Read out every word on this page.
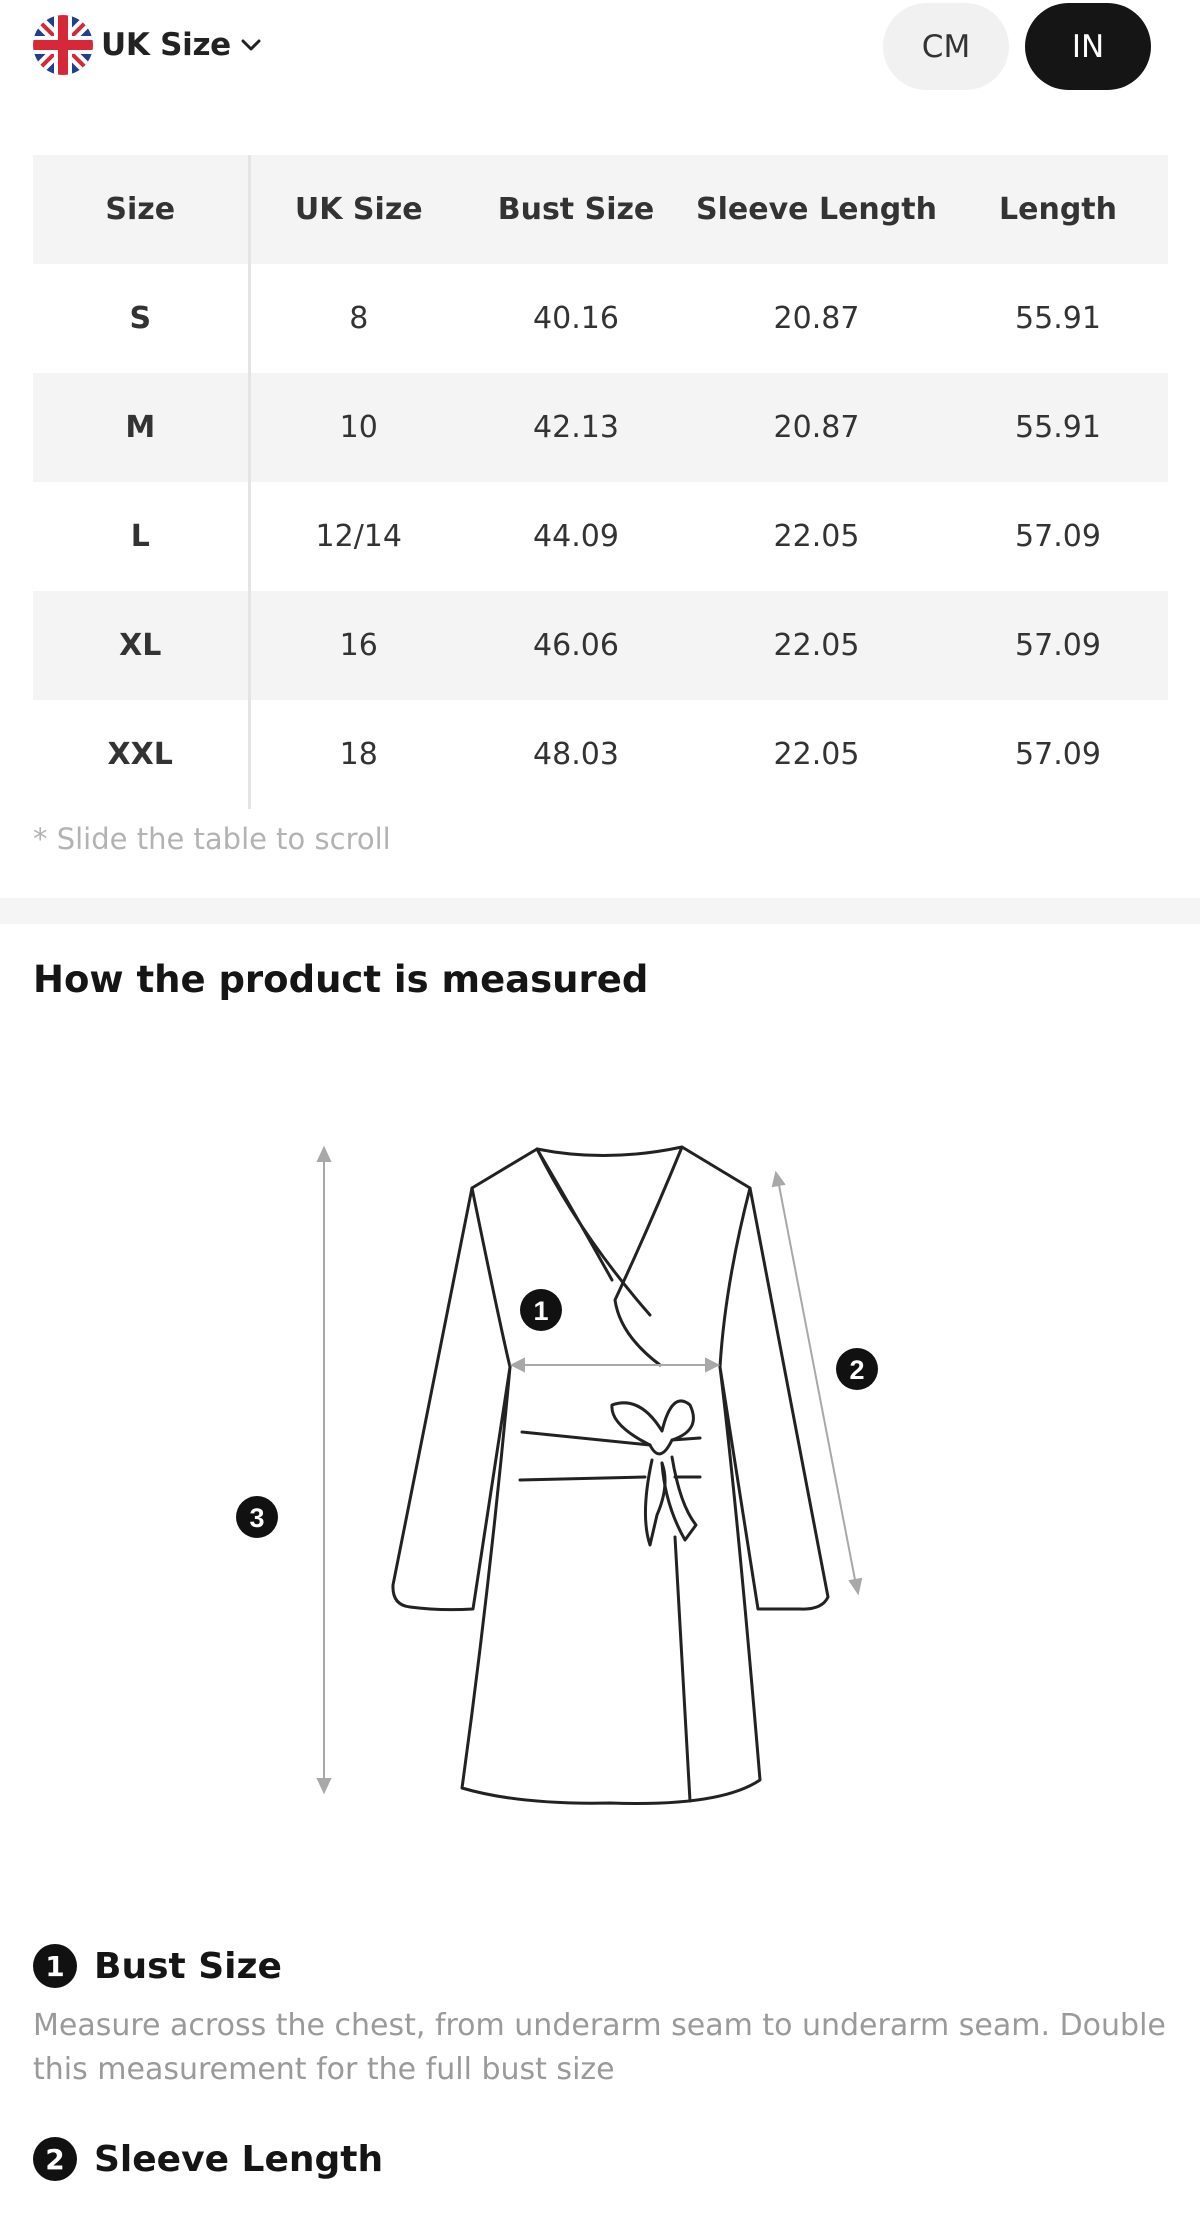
UK Size	CM	IN
Size	UK Size	Bust Size	Sleeve Length	Length
S	8	40.16	20.87	55.91
M	10	42.13	20.87	55.91
L	12/14	44.09	22.05	57.09
XL	16	46.06	22.05	57.09
XXL	18	48.03	22.05	57.09
* Slide the table to scroll
How the product is measured
1
2
3
1 Bust Size
Measure across the chest, from underarm seam to underarm seam. Double this measurement for the full bust size
2 Sleeve Length
